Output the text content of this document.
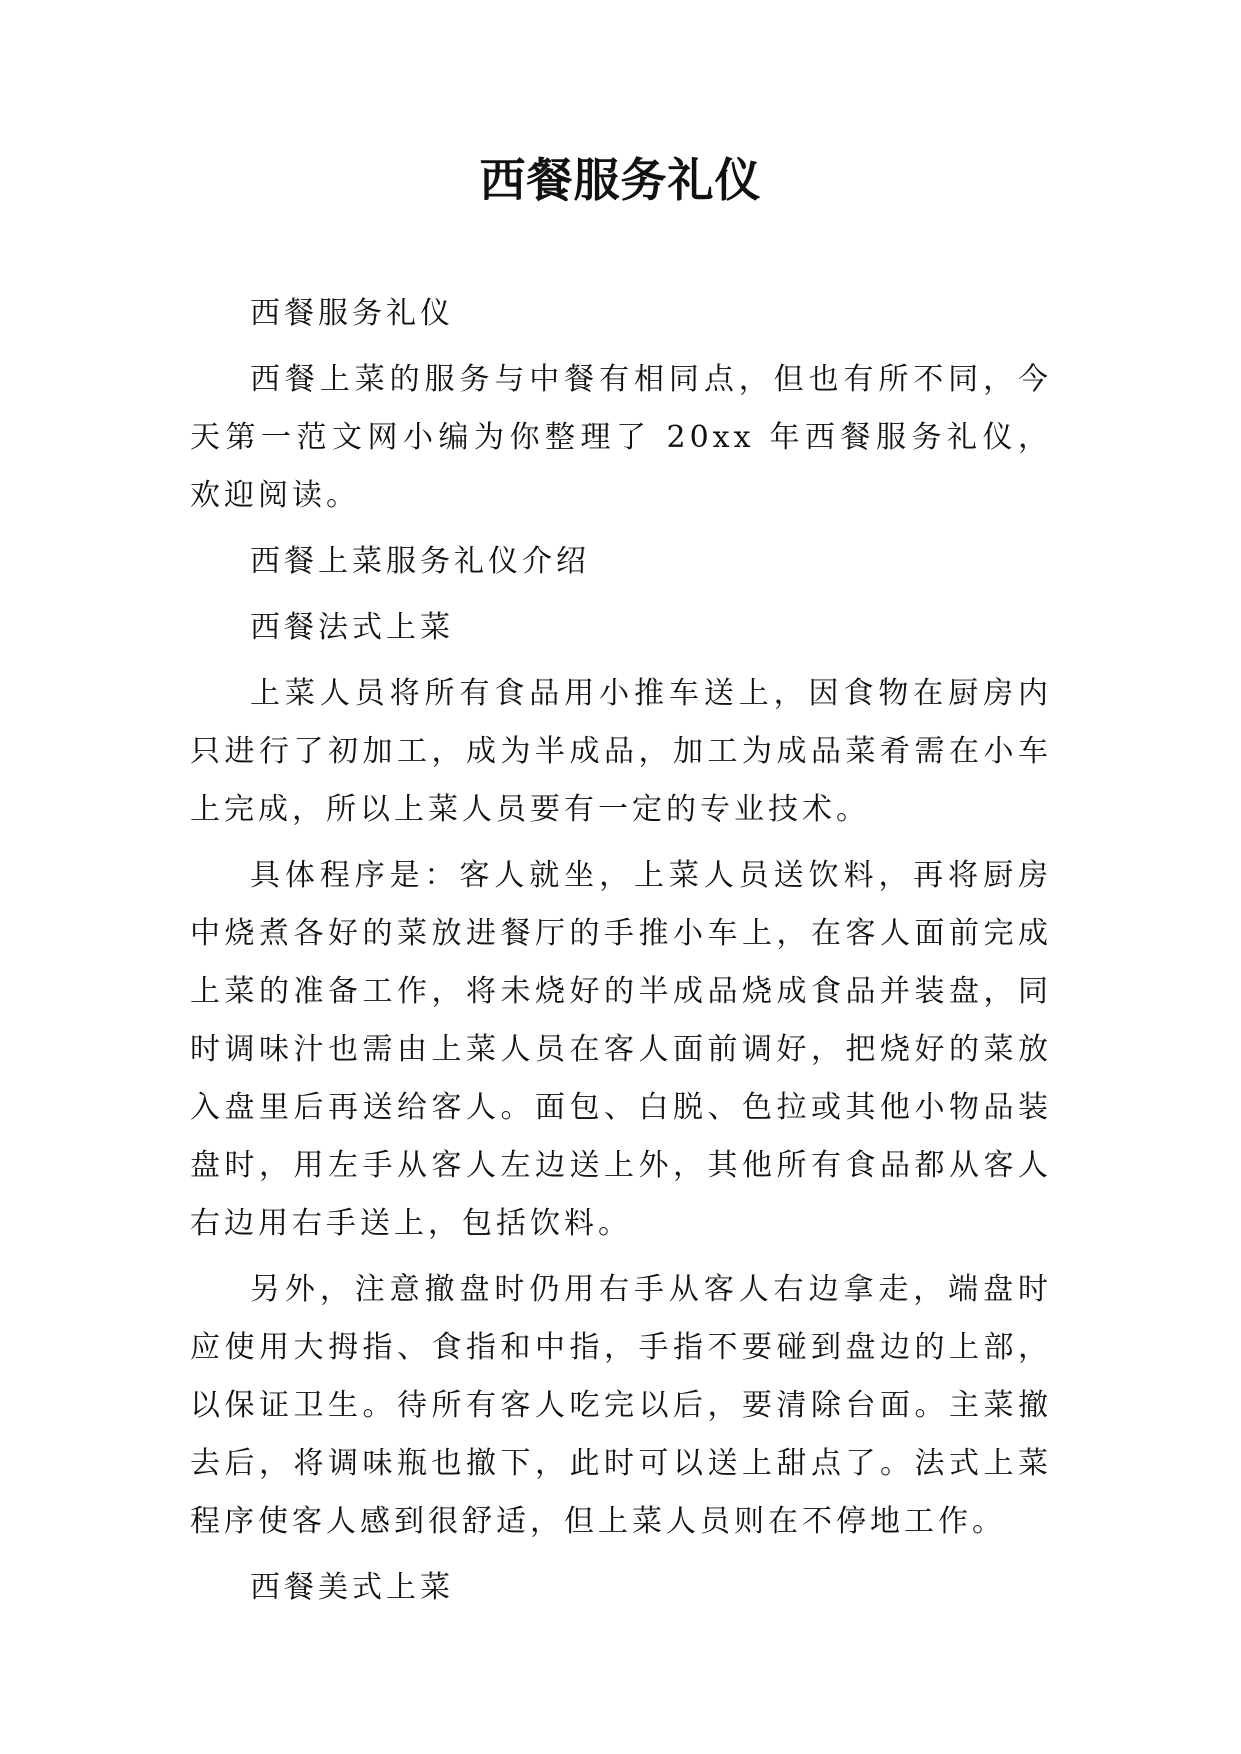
西餐服务礼仪

西餐服务礼仪

西餐上菜的服务与中餐有相同点，但也有所不同，今天第一范文网小编为你整理了 20xx 年西餐服务礼仪，欢迎阅读。

西餐上菜服务礼仪介绍

西餐法式上菜

上菜人员将所有食品用小推车送上，因食物在厨房内只进行了初加工，成为半成品，加工为成品菜肴需在小车上完成，所以上菜人员要有一定的专业技术。

具体程序是：客人就坐，上菜人员送饮料，再将厨房中烧煮各好的菜放进餐厅的手推小车上，在客人面前完成上菜的准备工作，将未烧好的半成品烧成食品并装盘，同时调味汁也需由上菜人员在客人面前调好，把烧好的菜放入盘里后再送给客人。面包、白脱、色拉或其他小物品装盘时，用左手从客人左边送上外，其他所有食品都从客人右边用右手送上，包括饮料。

另外，注意撤盘时仍用右手从客人右边拿走，端盘时应使用大拇指、食指和中指，手指不要碰到盘边的上部，以保证卫生。待所有客人吃完以后，要清除台面。主菜撤去后，将调味瓶也撤下，此时可以送上甜点了。法式上菜程序使客人感到很舒适，但上菜人员则在不停地工作。

西餐美式上菜
